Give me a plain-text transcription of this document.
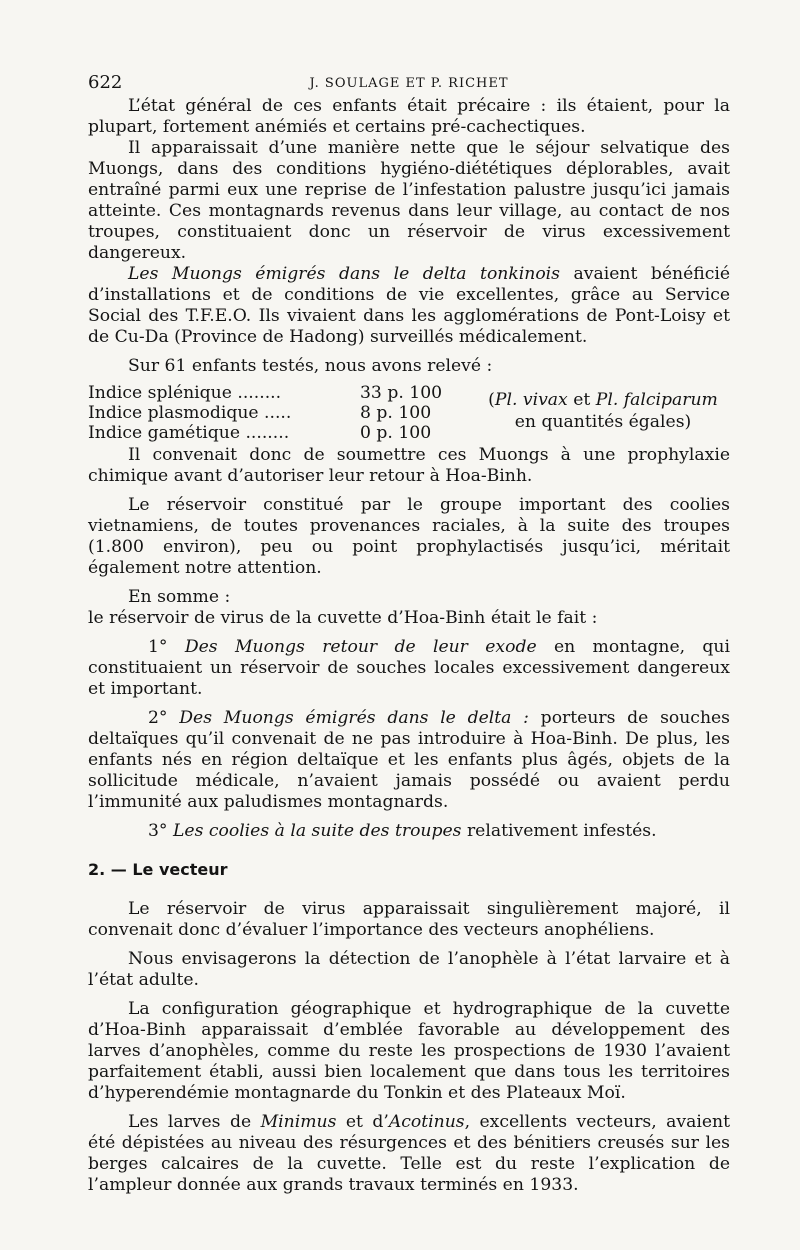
622	J. SOULAGE ET P. RICHET

L’état général de ces enfants était précaire : ils étaient, pour la plupart, fortement anémiés et certains pré-cachectiques.

Il apparaissait d’une manière nette que le séjour selvatique des Muongs, dans des conditions hygiéno-diététiques déplorables, avait entraîné parmi eux une reprise de l’infestation palustre jusqu’ici jamais atteinte. Ces montagnards revenus dans leur village, au contact de nos troupes, constituaient donc un réservoir de virus excessivement dangereux.

Les Muongs émigrés dans le delta tonkinois avaient bénéficié d’installations et de conditions de vie excellentes, grâce au Service Social des T.F.E.O. Ils vivaient dans les agglomérations de Pont-Loisy et de Cu-Da (Province de Hadong) surveillés médicalement.

Sur 61 enfants testés, nous avons relevé :

Indice splénique ........	33 p. 100
Indice plasmodique .....	8 p. 100
Indice gamétique ........	0 p. 100
(Pl. vivax et Pl. falciparum
en quantités égales)

Il convenait donc de soumettre ces Muongs à une prophylaxie chimique avant d’autoriser leur retour à Hoa-Binh.

Le réservoir constitué par le groupe important des coolies vietnamiens, de toutes provenances raciales, à la suite des troupes (1.800 environ), peu ou point prophylactisés jusqu’ici, méritait également notre attention.

En somme :

le réservoir de virus de la cuvette d’Hoa-Binh était le fait :

1° Des Muongs retour de leur exode en montagne, qui constituaient un réservoir de souches locales excessivement dangereux et important.

2° Des Muongs émigrés dans le delta : porteurs de souches deltaïques qu’il convenait de ne pas introduire à Hoa-Binh. De plus, les enfants nés en région deltaïque et les enfants plus âgés, objets de la sollicitude médicale, n’avaient jamais possédé ou avaient perdu l’immunité aux paludismes montagnards.

3° Les coolies à la suite des troupes relativement infestés.

2. — Le vecteur

Le réservoir de virus apparaissait singulièrement majoré, il convenait donc d’évaluer l’importance des vecteurs anophéliens.

Nous envisagerons la détection de l’anophèle à l’état larvaire et à l’état adulte.

La configuration géographique et hydrographique de la cuvette d’Hoa-Binh apparaissait d’emblée favorable au développement des larves d’anophèles, comme du reste les prospections de 1930 l’avaient parfaitement établi, aussi bien localement que dans tous les territoires d’hyperendémie montagnarde du Tonkin et des Plateaux Moï.

Les larves de Minimus et d’Acotinus, excellents vecteurs, avaient été dépistées au niveau des résurgences et des bénitiers creusés sur les berges calcaires de la cuvette. Telle est du reste l’explication de l’ampleur donnée aux grands travaux terminés en 1933.
